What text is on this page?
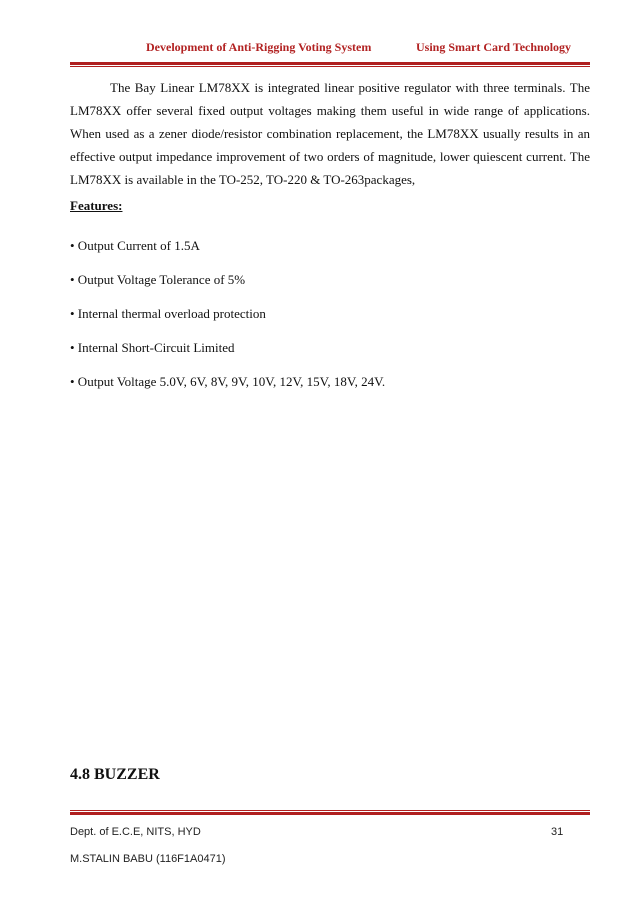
Development of Anti-Rigging Voting System	Using Smart Card Technology

The Bay Linear LM78XX is integrated linear positive regulator with three terminals. The LM78XX offer several fixed output voltages making them useful in wide range of applications. When used as a zener diode/resistor combination replacement, the LM78XX usually results in an effective output impedance improvement of two orders of magnitude, lower quiescent current. The LM78XX is available in the TO-252, TO-220 & TO-263packages,

Features:
• Output Current of 1.5A
• Output Voltage Tolerance of 5%
• Internal thermal overload protection
• Internal Short-Circuit Limited
• Output Voltage 5.0V, 6V, 8V, 9V, 10V, 12V, 15V, 18V, 24V.
4.8 BUZZER
Dept. of E.C.E, NITS, HYD	31
M.STALIN BABU (116F1A0471)
